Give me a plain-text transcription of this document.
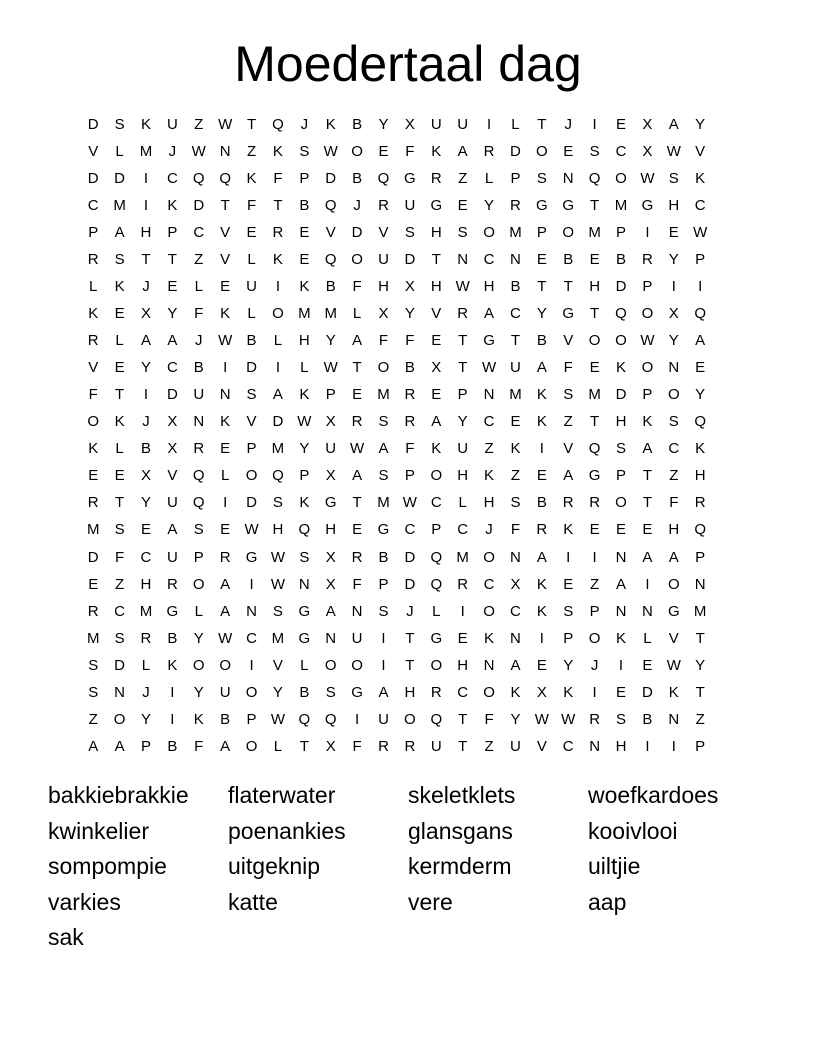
Moedertaal dag
D	S	K	U	Z W T	Q	J	K	B	Y	X	U	U	I	L	T	J	I	E	X	A	Y
V	L	M	J	W N	Z	K	S W O	E	F	K	A	R	D	O	E	S	C	X W V
D	D	I	C	Q Q	K	F	P	D	B	Q G	R	Z	L	P	S	N	Q O W S	K
C M	I	K	D	T	F	T	B	Q	J	R	U	G	E	Y	R	G G	T	M G	H	C
P	A	H	P	C	V	E	R	E	V	D	V	S	H	S	O M	P	O M	P	I	E W
R	S	T	T	Z	V	L	K	E	Q O	U	D	T	N	C	N	E	B	E	B	R	Y	P
L	K	J	E	L	E	U	I	K	B	F	H	X	H W H	B	T	T	H	D	P	I	I
K	E	X	Y	F	K	L	O M M	L	X	Y	V	R	A	C	Y	G	T	Q O	X	Q
R	L	A	A	J	W B	L	H	Y	A	F	F	E	T	G	T	B	V	O O W Y	A
V	E	Y	C	B	I	D	I	L	W T	O	B	X	T W U	A	F	E	K	O	N	E
F	T	I	D	U	N	S	A	K	P	E	M R	E	P	N M	K	S	M D	P	O	Y
O	K	J	X	N	K	V	D W X	R	S	R	A	Y	C	E	K	Z	T	H	K	S	Q
K	L	B	X	R	E	P	M	Y	U W A	F	K	U	Z	K	I	V	Q	S	A	C	K
E	E	X	V	Q	L	O Q	P	X	A	S	P	O	H	K	Z	E	A	G	P	T	Z	H
R	T	Y	U	Q	I	D	S	K	G	T	M W C	L	H	S	B	R	R	O	T	F	R
M	S	E	A	S	E W H	Q	H	E	G	C	P	C	J	F	R	K	E	E	E	H	Q
D	F	C	U	P	R	G W S	X	R	B	D	Q M O	N	A	I	I	N	A	A	P
E	Z	H	R	O	A	I	W N	X	F	P	D	Q	R	C	X	K	E	Z	A	I	O	N
R	C M G	L	A	N	S	G	A	N	S	J	L	I	O	C	K	S	P	N	N	G M
M	S	R	B	Y W C M G	N	U	I	T	G	E	K	N	I	P	O	K	L	V	T
S	D	L	K	O O	I	V	L	O O	I	T	O	H	N	A	E	Y	J	I	E W Y
S	N	J	I	Y	U	O	Y	B	S	G	A	H	R	C	O	K	X	K	I	E	D	K	T
Z	O	Y	I	K	B	P W Q Q	I	U	O Q	T	F	Y W W R	S	B	N	Z
A	A	P	B	F	A	O	L	T	X	F	R	R	U	T	Z	U	V	C	N	H	I	I	P
bakkiebrakkie	flaterwater	skeletklets	woefkardoes
kwinkelier	poenankies	glansgans	kooivlooi
sompompie	uitgeknip	kermderm	uiltjie
varkies	katte	vere	aap
sak
